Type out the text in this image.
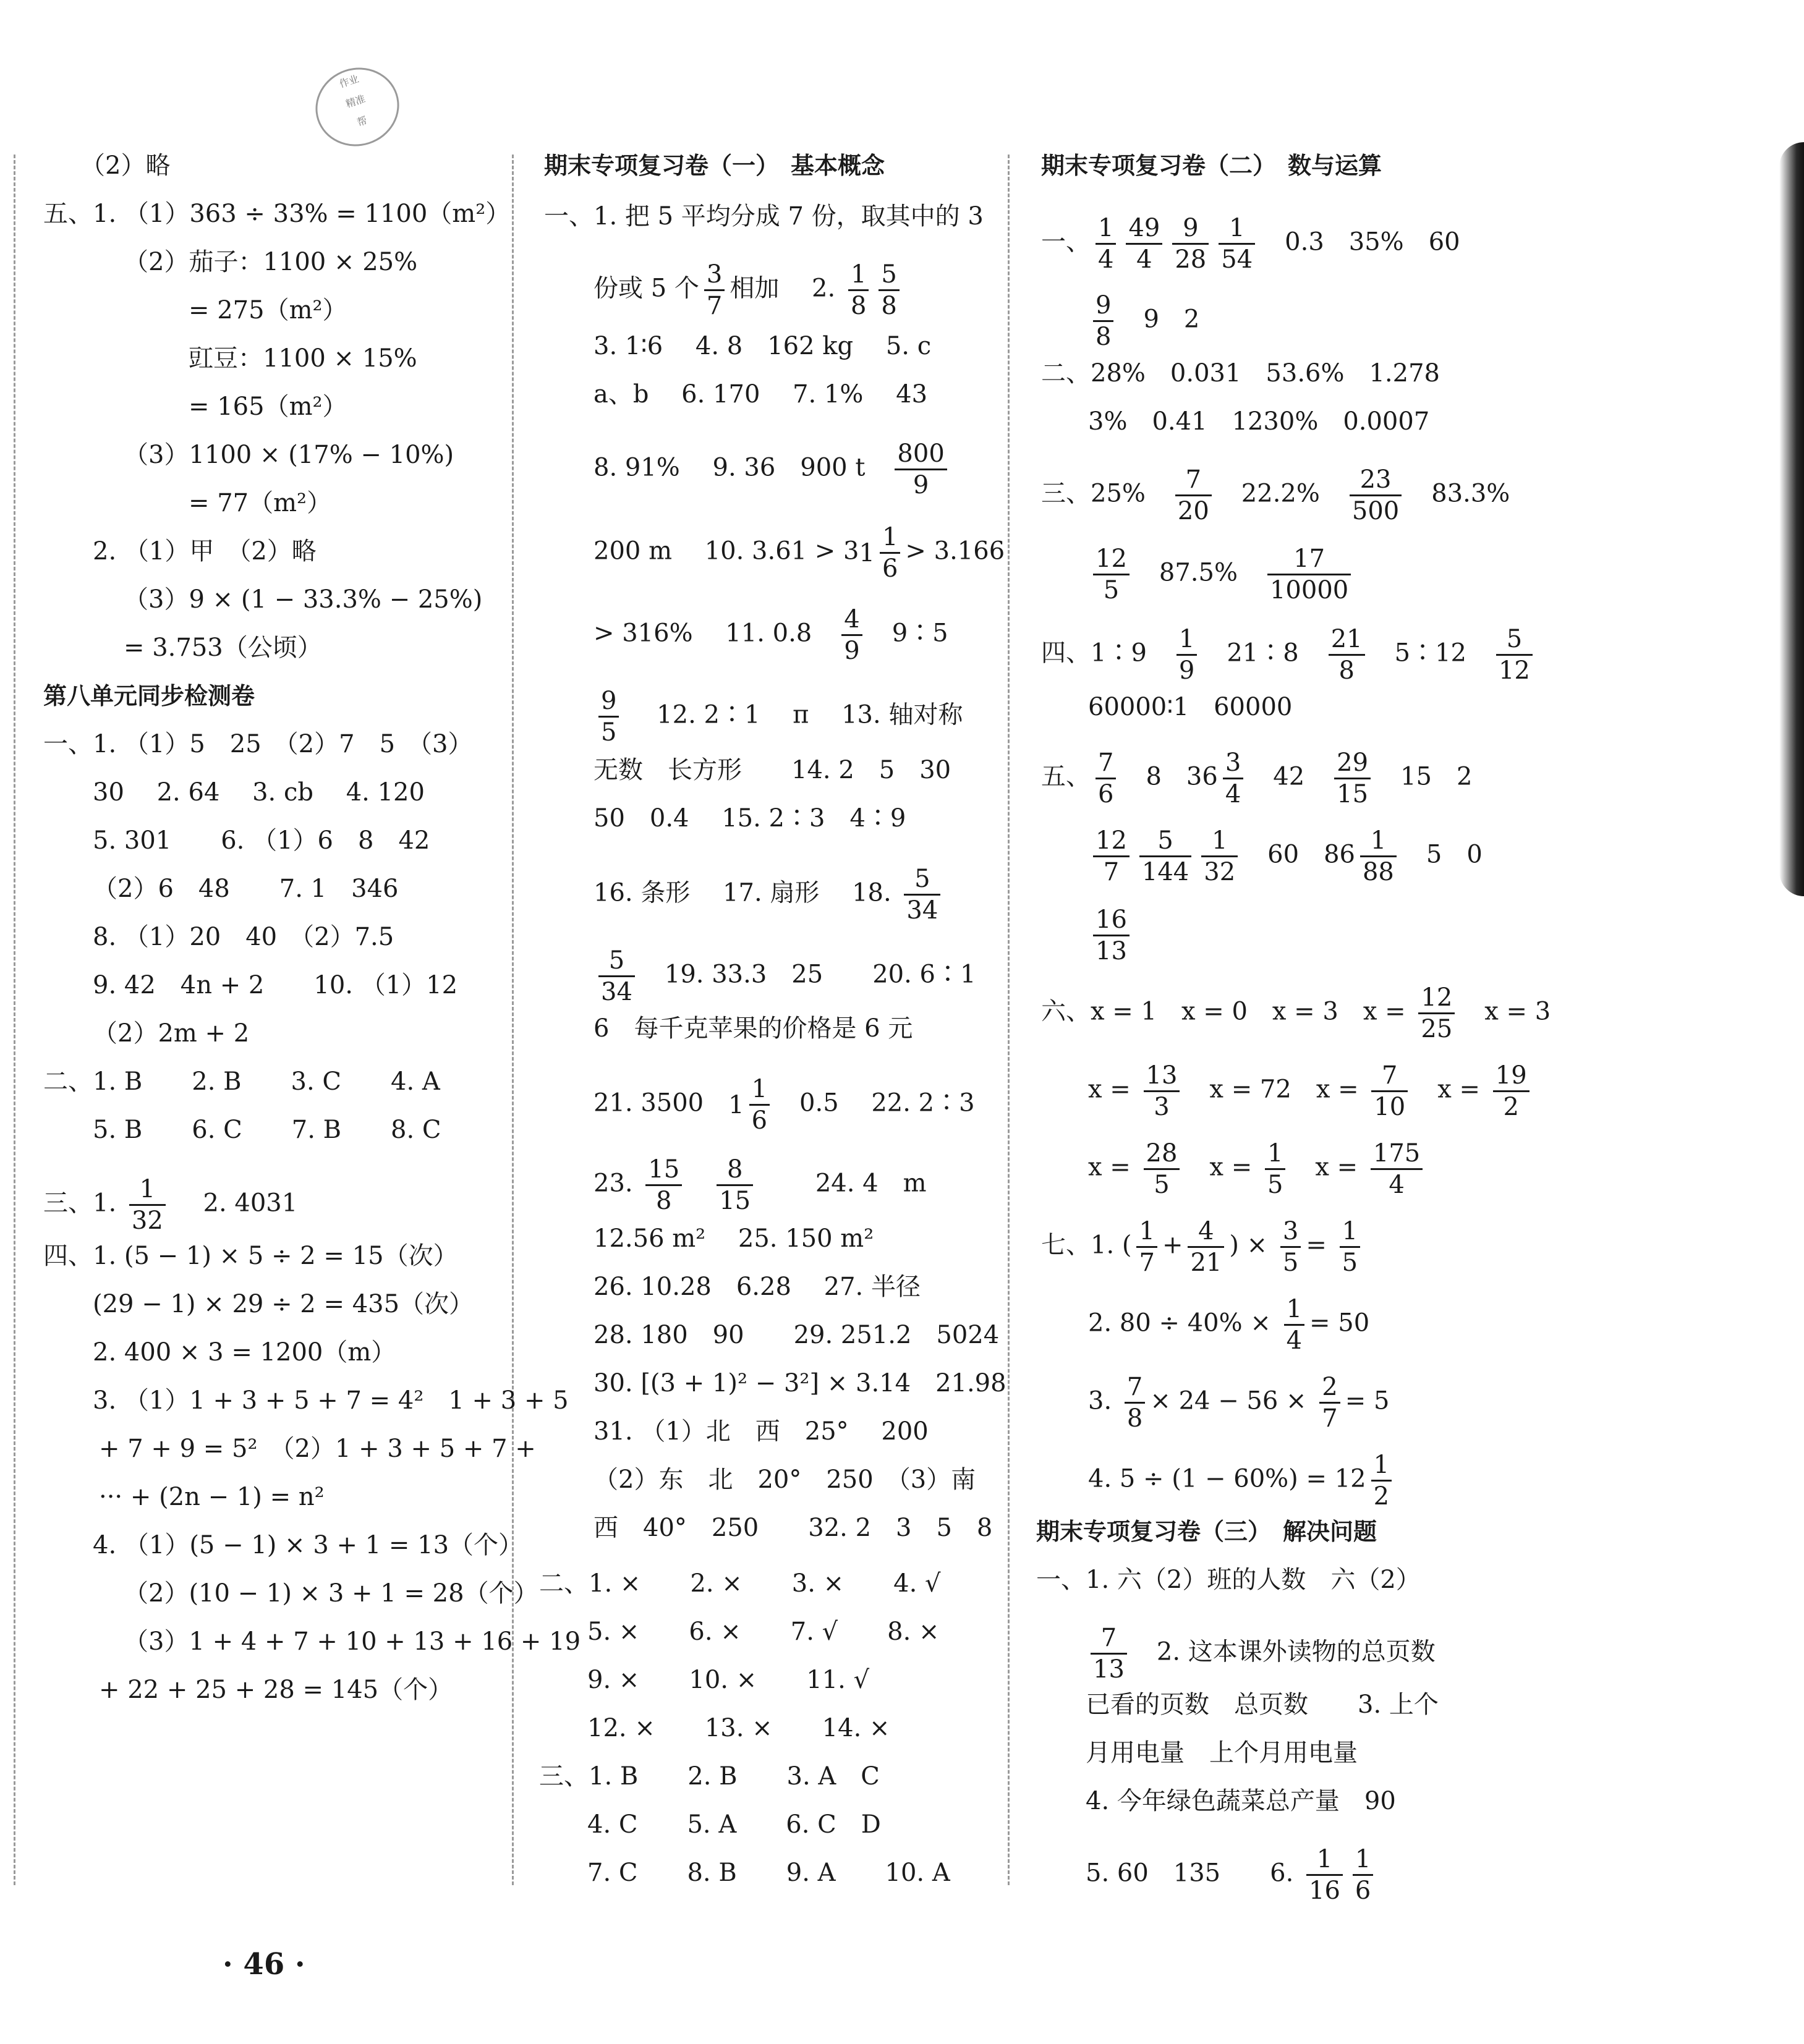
作业
精准
帮
（2）略
五、1. （1）363 ÷ 33% = 1100（m²）
（2）茄子：1100 × 25%
= 275（m²）
豇豆：1100 × 15%
= 165（m²）
（3）1100 × (17% − 10%)
= 77（m²）
2. （1）甲　（2）略
（3）9 × (1 − 33.3% − 25%)
= 3.753（公顷）
第八单元同步检测卷
一、1. （1）5　25　（2）7　5　（3）
30　 2. 64　 3. cb　 4. 120
5. 301　　6. （1）6　8　42
（2）6　48　　7. 1　346
8. （1）20　40　（2）7.5
9. 42　4n + 2　　10. （1）12
（2）2m + 2
二、1. B　　2. B　　3. C　　4. A
5. B　　6. C　　7. B　　8. C
三、1. $\frac{1}{32}$ 　 2. 4031
四、1. (5 − 1) × 5 ÷ 2 = 15（次）
(29 − 1) × 29 ÷ 2 = 435（次）
2. 400 × 3 = 1200（m）
3. （1）1 + 3 + 5 + 7 = 4²　1 + 3 + 5
+ 7 + 9 = 5²　（2）1 + 3 + 5 + 7 +
··· + (2n − 1) = n²
4. （1）(5 − 1) × 3 + 1 = 13（个）
（2）(10 − 1) × 3 + 1 = 28（个）
（3）1 + 4 + 7 + 10 + 13 + 16 + 19
+ 22 + 25 + 28 = 145（个）
期末专项复习卷（一）　基本概念
一、1. 把 5 平均分成 7 份，取其中的 3
份或 5 个 $\frac{3}{7}$ 相加　 2. $\frac{1}{8} \frac{5}{8}$
3. 1∶6　 4. 8　162 kg　 5. c
a、b　 6. 170　 7. 1%　 43
8. 91%　 9. 36　900 t　 $\frac{800}{9}$
200 m　 10. $3.61 > 31 \frac{1}{6} > 3.166$
> 316%　 11. 0.8　 $\frac{4}{9}$ 　9∶5
$\frac{9}{5}$ 　 12. 2∶1　 π　 13. 轴对称
无数　长方形　　14. 2　5　30
50　0.4　 15. 2∶3　4∶9
16. 条形　 17. 扇形　 18. $\frac{5}{34}$
$\frac{5}{34}$ 　19. 33.3　25　　20. 6∶1
6　每千克苹果的价格是 6 元
21. 3500　$1 \frac{1}{6}$ 　0.5　 22. 2∶3
23. $\frac{15}{8}$
　 $\frac{8}{15}$ 　　 24. 4　m
12.56 m²　 25. 150 m²
26. 10.28　6.28　 27. 半径
28. 180　90　　29. 251.2　5024
30. [(3 + 1)² − 3²] × 3.14　21.98
31. （1）北　西　25°　 200
（2）东　北　20°　250　（3）南
西　40°　250　　32. 2　3　5　8
二、1. ×　　2. ×　　3. ×　　4. √
5. ×　　6. ×　　7. √　　8. ×
9. ×　　10. ×　　11. √
12. ×　　13. ×　　14. ×
三、1. B　　2. B　　3. A　C
4. C　　5. A　　6. C　D
7. C　　8. B　　9. A　　10. A
期末专项复习卷（二）　数与运算
一、 $\frac{1}{4} \frac{49}{4} \frac{9}{28} \frac{1}{54}$ 　0.3　35%　60
$\frac{9}{8}$ 　9　2
二、28%　0.031　53.6%　1.278
3%　0.41　1230%　0.0007
三、25%　 $\frac{7}{20}$ 　22.2%　 $\frac{23}{500}$ 　83.3%
$\frac{12}{5}$ 　87.5%　 $\frac{17}{10000}$
四、1∶9　 $\frac{1}{9}$ 　21∶8　 $\frac{21}{8}$ 　5∶12　 $\frac{5}{12}$
60000∶1　60000
五、 $\frac{7}{6}$ 　8　$36 \frac{3}{4}$ 　42　 $\frac{29}{15}$ 　15　2
$\frac{12}{7} \frac{5}{144} \frac{1}{32}$ 　60　$86 \frac{1}{88}$ 　5　0
$\frac{16}{13}$
六、x = 1　x = 0　x = 3　$x = \frac{12}{25}$ 　x = 3
$x = \frac{13}{3}$ 　x = 72　$x = \frac{7}{10}$ 　$x = \frac{19}{2}$
$x = \frac{28}{5}$ 　$x = \frac{1}{5}$ 　$x = \frac{175}{4}$
七、1. ( $\frac{1}{7} + \frac{4}{21}$ ) × $\frac{3}{5} = \frac{1}{5}$
2. $80 \div 40\% \times \frac{1}{4} = 50$
3. $\frac{7}{8} \times 24 - 56 \times \frac{2}{7} = 5$
4. $5 \div (1 - 60\%) = 12 \frac{1}{2}$
期末专项复习卷（三）　解决问题
一、1. 六（2）班的人数　六（2）
$\frac{7}{13}$ 　2. 这本课外读物的总页数
已看的页数　总页数　　3. 上个
月用电量　上个月用电量
4. 今年绿色蔬菜总产量　90
5. 60　135　　6. $\frac{1}{16} \frac{1}{6}$
· 46 ·
